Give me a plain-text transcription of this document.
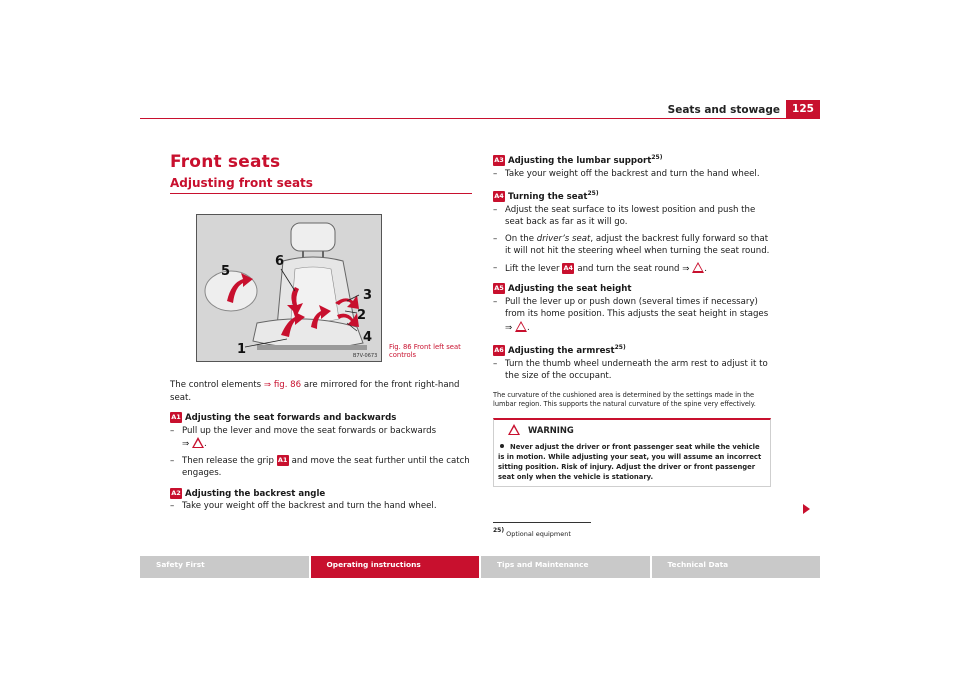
Seats and stowage	125
Front seats
Adjusting front seats
1
2
3
4
5
6
B7V-0673
Fig. 86 Front left seat controls
The control elements ⇒ fig. 86 are mirrored for the front right-hand seat.
A1 Adjusting the seat forwards and backwards
– Pull up the lever and move the seat forwards or backwards
⇒ .
– Then release the grip A1 and move the seat further until the catch engages.
A2 Adjusting the backrest angle
– Take your weight off the backrest and turn the hand wheel.
A3 Adjusting the lumbar support$^{25)}$
– Take your weight off the backrest and turn the hand wheel.
A4 Turning the seat$^{25)}$
– Adjust the seat surface to its lowest position and push the seat back as far as it will go.
– On the driver’s seat, adjust the backrest fully forward so that it will not hit the steering wheel when turning the seat round.
– Lift the lever A4 and turn the seat round ⇒ .
A5 Adjusting the seat height
– Pull the lever up or push down (several times if necessary) from its home position. This adjusts the seat height in stages ⇒ .
A6 Adjusting the armrest$^{25)}$
– Turn the thumb wheel underneath the arm rest to adjust it to the size of the occupant.
The curvature of the cushioned area is determined by the settings made in the lumbar region. This supports the natural curvature of the spine very effectively.
WARNING
Never adjust the driver or front passenger seat while the vehicle is in motion. While adjusting your seat, you will assume an incorrect sitting position. Risk of injury. Adjust the driver or front passenger seat only when the vehicle is stationary.
25) Optional equipment
Safety First	Operating instructions	Tips and Maintenance	Technical Data
